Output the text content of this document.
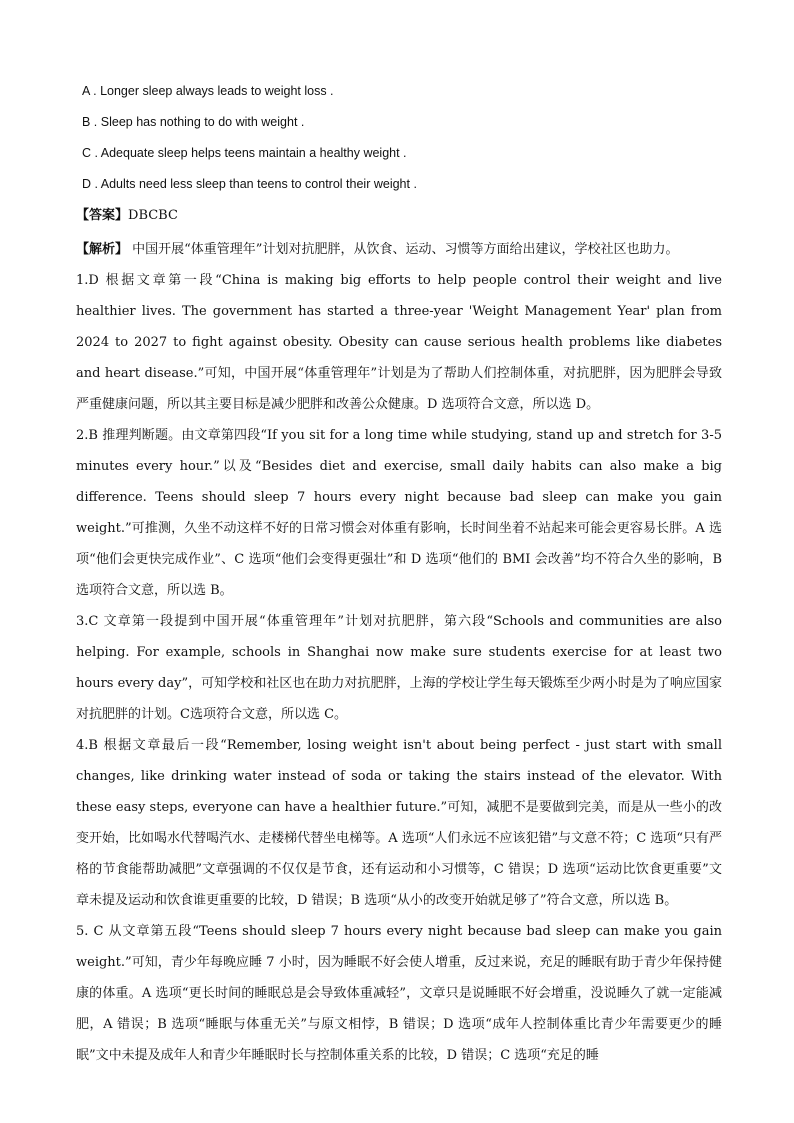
A . Longer sleep always leads to weight loss .
B . Sleep has nothing to do with weight .
C . Adequate sleep helps teens maintain a healthy weight .
D . Adults need less sleep than teens to control their weight .
【答案】DBCBC

【解析】 中国开展“体重管理年”计划对抗肥胖，从饮食、运动、习惯等方面给出建议，学校社区也助力。

1.D 根据文章第一段“China is making big efforts to help people control their weight and live healthier lives. The government has started a three-year 'Weight Management Year' plan from 2024 to 2027 to fight against obesity. Obesity can cause serious health problems like diabetes and heart disease.”可知，中国开展“体重管理年”计划是为了帮助人们控制体重，对抗肥胖，因为肥胖会导致严重健康问题，所以其主要目标是减少肥胖和改善公众健康。D 选项符合文意，所以选 D。

2.B 推理判断题。由文章第四段“If you sit for a long time while studying, stand up and stretch for 3-5 minutes every hour.”以及“Besides diet and exercise, small daily habits can also make a big difference. Teens should sleep 7 hours every night because bad sleep can make you gain weight.”可推测，久坐不动这样不好的日常习惯会对体重有影响，长时间坐着不站起来可能会更容易长胖。A 选项“他们会更快完成作业”、C 选项“他们会变得更强壮”和 D 选项“他们的 BMI 会改善”均不符合久坐的影响，B 选项符合文意，所以选 B。

3.C 文章第一段提到中国开展“体重管理年”计划对抗肥胖，第六段“Schools and communities are also helping. For example, schools in Shanghai now make sure students exercise for at least two hours every day”，可知学校和社区也在助力对抗肥胖，上海的学校让学生每天锻炼至少两小时是为了响应国家对抗肥胖的计划。C选项符合文意，所以选 C。

4.B 根据文章最后一段“Remember, losing weight isn't about being perfect - just start with small changes, like drinking water instead of soda or taking the stairs instead of the elevator. With these easy steps, everyone can have a healthier future.”可知，减肥不是要做到完美，而是从一些小的改变开始，比如喝水代替喝汽水、走楼梯代替坐电梯等。A 选项“人们永远不应该犯错”与文意不符；C 选项“只有严格的节食能帮助减肥”文章强调的不仅仅是节食，还有运动和小习惯等，C 错误；D 选项“运动比饮食更重要”文章未提及运动和饮食谁更重要的比较，D 错误；B 选项“从小的改变开始就足够了”符合文意，所以选 B。

5. C 从文章第五段“Teens should sleep 7 hours every night because bad sleep can make you gain weight.”可知，青少年每晚应睡 7 小时，因为睡眠不好会使人增重，反过来说，充足的睡眠有助于青少年保持健康的体重。A 选项“更长时间的睡眠总是会导致体重减轻”，文章只是说睡眠不好会增重，没说睡久了就一定能减肥，A 错误；B 选项“睡眠与体重无关”与原文相悖，B 错误；D 选项“成年人控制体重比青少年需要更少的睡眠”文中未提及成年人和青少年睡眠时长与控制体重关系的比较，D 错误；C 选项“充足的睡
